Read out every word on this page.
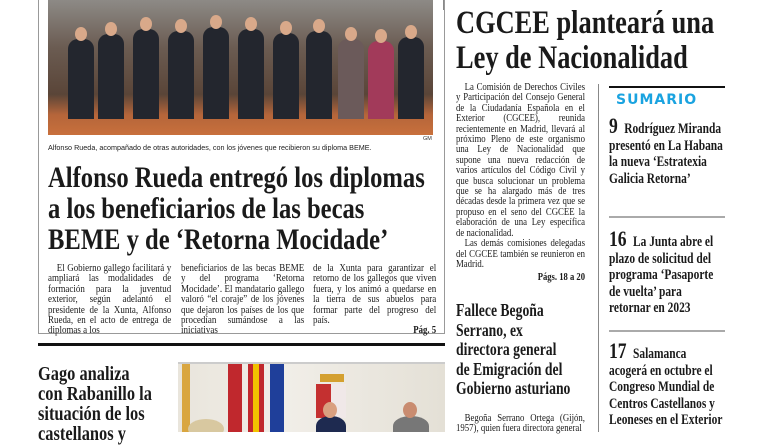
GM
Alfonso Rueda, acompañado de otras autoridades, con los jóvenes que recibieron su diploma BEME.
Alfonso Rueda entregó los diplomas
a los beneficiarios de las becas
BEME y de ‘Retorna Mocidade’

El Gobierno gallego facilitará y ampliará las modalidades de formación para la juventud exterior, según adelantó el presidente de la Xunta, Alfonso Rueda, en el acto de entrega de diplomas a los

beneficiarios de las becas BEME y del programa ‘Retorna Mocidade’. El mandatario gallego valoró “el coraje” de los jóvenes que dejaron los países de los que procedían sumándose a las iniciativas
de la Xunta para garantizar el retorno de los gallegos que viven fuera, y los animó a quedarse en la tierra de sus abuelos para formar parte del progreso del país.
Pág. 5
Gago analiza
con Rabanillo la
situación de los
castellanos y
CGCEE planteará una
Ley de Nacionalidad

La Comisión de Derechos Civiles y Participación del Consejo General de la Ciudadanía Española en el Exterior (CGCEE), reunida recientemente en Madrid, llevará al próximo Pleno de este organismo una Ley de Nacionalidad que supone una nueva redacción de varios artículos del Código Civil y que busca solucionar un problema que se ha alargado más de tres décadas desde la primera vez que se propuso en el seno del CGCEE la elaboración de una Ley específica de nacionalidad.

Las demás comisiones delegadas del CGCEE también se reunieron en Madrid.

Págs. 18 a 20
SUMARIO
9 Rodríguez Miranda presentó en La Habana la nueva ‘Estratexia Galicia Retorna’
16 La Junta abre el plazo de solicitud del programa ‘Pasaporte de vuelta’ para retornar en 2023
17 Salamanca acogerá en octubre el Congreso Mundial de Centros Castellanos y Leoneses en el Exterior
Fallece Begoña
Serrano, ex
directora general
de Emigración del
Gobierno asturiano

Begoña Serrano Ortega (Gijón, 1957), quien fuera directora general
